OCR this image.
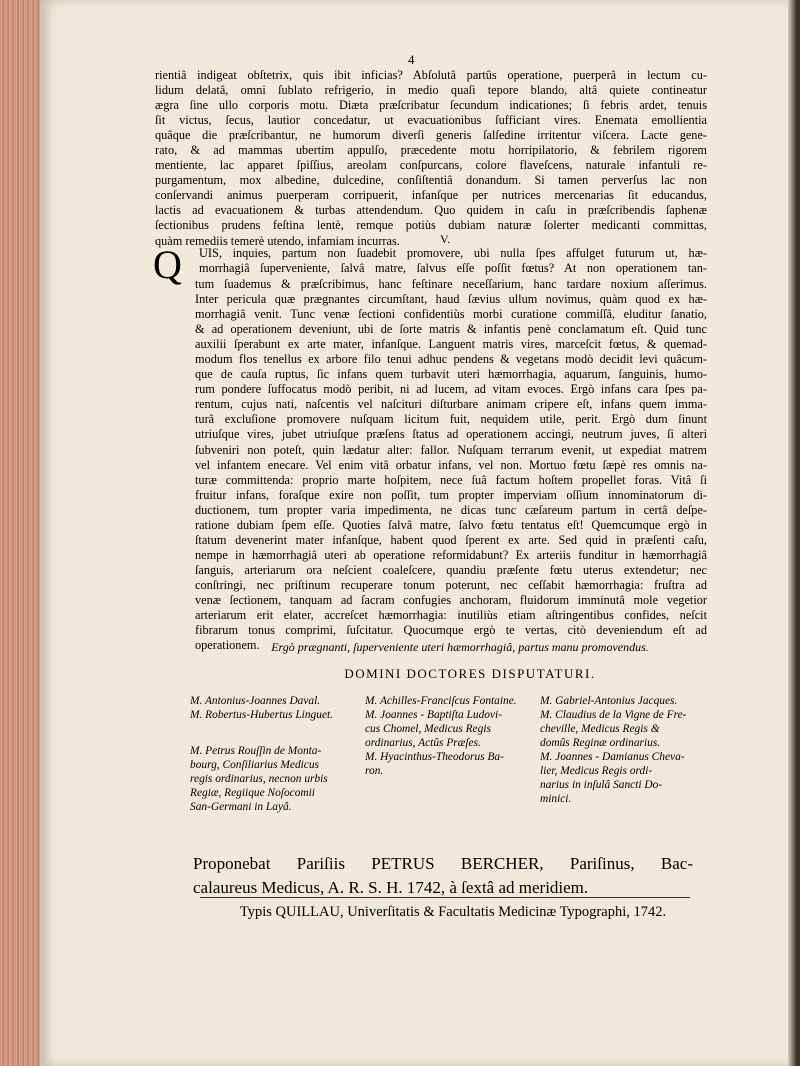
4
rientiâ indigeat obſtetrix, quis ibit inficias? Abſolutâ partûs operatione, puerperâ in lectum cu-
lidum delatâ, omni ſublato refrigerio, in medio quaſi tepore blando, altâ quiete contineatur
ægra ſine ullo corporis motu. Diæta præſcribatur ſecundum indicationes; ſi febris ardet, tenuis
ſit victus, ſecus, lautior concedatur, ut evacuationibus ſufficiant vires. Enemata emollientia
quâque die præſcribantur, ne humorum diverſi generis ſalſedine irritentur viſcera. Lacte gene-
rato, & ad mammas ubertim appulſo, præcedente motu horripilatorio, & febrilem rigorem
mentiente, lac apparet ſpiſſius, areolam conſpurcans, colore flaveſcens, naturale infantuli re-
purgamentum, mox albedine, dulcedine, conſiſtentiâ donandum. Si tamen perverſus lac non
conſervandi animus puerperam corripuerit, infanſque per nutrices mercenarias ſit educandus,
lactis ad evacuationem & turbas attendendum. Quo quidem in caſu in præſcribendis ſaphenæ
ſectionibus prudens feſtina lentè, remque potiùs dubiam naturæ ſolerter medicanti committas,
quàm remediis temerè utendo, infamiam incurras.	V.
Q UIS, inquies, partum non ſuadebit promovere, ubi nulla ſpes affulget futurum ut, hæ-
morrhagiâ ſuperveniente, ſalvâ matre, ſalvus eſſe poſſit fœtus? At non operationem tan-
tum ſuademus & præſcribimus, hanc feſtinare neceſſarium, hanc tardare noxium aſſerimus.
Inter pericula quæ prægnantes circumſtant, haud ſævius ullum novimus, quàm quod ex hæ-
morrhagiâ venit. Tunc venæ ſectioni confidentiùs morbi curatione commiſſâ, eluditur ſanatio,
& ad operationem deveniunt, ubi de ſorte matris & infantis penè conclamatum eſt. Quid tunc
auxilii ſperabunt ex arte mater, infanſque. Languent matris vires, marceſcit fœtus, & quemad-
modum flos tenellus ex arbore filo tenui adhuc pendens & vegetans modò decidit levi quâcum-
que de cauſa ruptus, ſic infans quem turbavit uteri hæmorrhagia, aquarum, ſanguinis, humo-
rum pondere ſuffocatus modò peribit, ni ad lucem, ad vitam evoces. Ergò infans cara ſpes pa-
rentum, cujus nati, naſcentis vel naſcituri diſturbare animam cripere eſt, infans quem imma-
turâ excluſione promovere nuſquam licitum fuit, nequidem utile, perit. Ergò dum ſinunt
utriuſque vires, jubet utriuſque præſens ſtatus ad operationem accingi, neutrum juves, ſi alteri
ſubveniri non poteſt, quin lædatur alter: fallor. Nuſquam terrarum evenit, ut expediat matrem
vel infantem enecare. Vel enim vitâ orbatur infans, vel non. Mortuo fœtu ſæpè res omnis na-
turæ committenda: proprio marte hoſpitem, nece ſuâ factum hoſtem propellet foras. Vitâ ſi
fruitur infans, foraſque exire non poſſit, tum propter imperviam oſſium innominatorum di-
ductionem, tum propter varia impedimenta, ne dicas tunc cæſareum partum in certâ deſpe-
ratione dubiam ſpem eſſe. Quoties ſalvâ matre, ſalvo fœtu tentatus eſt! Quemcumque ergò in
ſtatum devenerint mater infanſque, habent quod ſperent ex arte. Sed quid in præſenti caſu,
nempe in hæmorrhagiâ uteri ab operatione reformidabunt? Ex arteriis funditur in hæmorrhagiâ
ſanguis, arteriarum ora neſcient coaleſcere, quandiu præſente fœtu uterus extendetur; nec
conſtringi, nec priſtinum recuperare tonum poterunt, nec ceſſabit hæmorrhagia: fruſtra ad
venæ ſectionem, tanquam ad ſacram confugies anchoram, fluidorum imminutâ mole vegetior
arteriarum erit elater, accreſcet hæmorrhagia: inutiliùs etiam aſtringentibus confides, neſcit
fibrarum tonus comprimi, ſuſcitatur. Quocumque ergò te vertas, citò deveniendum eſt ad
operationem. Ergò prægnanti, ſuperveniente uteri hæmorrhagiâ, partus manu promovendus.
DOMINI DOCTORES DISPUTATURI.
M. Antonius-Joannes Daval.
M. Robertus-Hubertus Linguet.
M. Petrus Rouſſin de Monta-
bourg, Conſiliarius Medicus
regis ordinarius, necnon urbis
Regiæ, Regiique Noſocomii
San-Germani in Layâ.
M. Achilles-Franciſcus Fontaine.
M. Joannes - Baptiſta Ludovi-
cus Chomel, Medicus Regis
ordinarius, Actûs Præſes.
M. Hyacinthus-Theodorus Ba-
ron.
M. Gabriel-Antonius Jacques.
M. Claudius de la Vigne de Fre-
cheville, Medicus Regis &
domûs Reginæ ordinarius.
M. Joannes - Damianus Cheva-
lier, Medicus Regis ordi-
narius in inſulâ Sancti Do-
minici.
Proponebat Pariſiis PETRUS BERCHER, Pariſinus, Bac-
calaureus Medicus, A. R. S. H. 1742, à ſextâ ad meridiem.
Typis QUILLAU, Univerſitatis & Facultatis Medicinæ Typographi, 1742.
